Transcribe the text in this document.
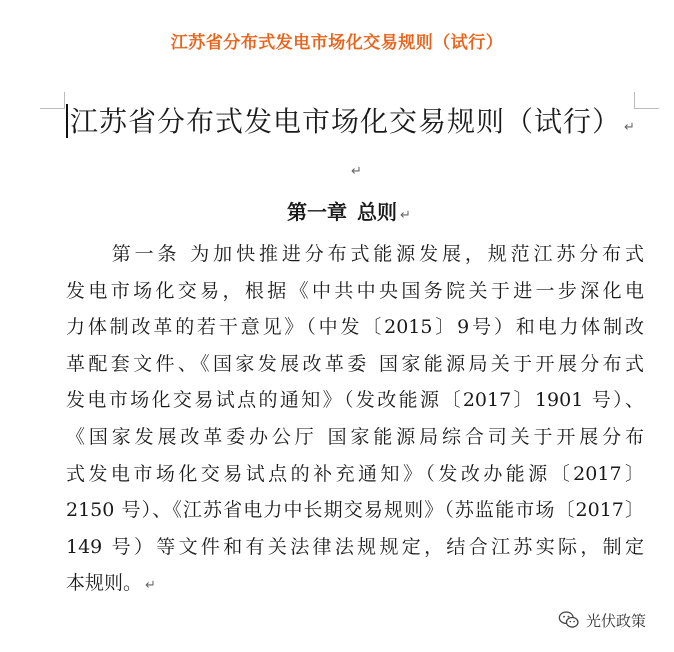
江苏省分布式发电市场化交易规则（试行）
江苏省分布式发电市场化交易规则（试行） ↵
↵
第一章 总则 ↵
　　第一条 为加快推进分布式能源发展，规范江苏分布式
发电市场化交易，根据《中共中央国务院关于进一步深化电
力体制改革的若干意见》（中发〔2015〕9号）和电力体制改
革配套文件、《国家发展改革委 国家能源局关于开展分布式
发电市场化交易试点的通知》（发改能源〔2017〕1901 号）、
《国家发展改革委办公厅 国家能源局综合司关于开展分布
式发电市场化交易试点的补充通知》（发改办能源〔2017〕
2150 号）、《江苏省电力中长期交易规则》（苏监能市场〔2017〕
149 号）等文件和有关法律法规规定，结合江苏实际，制定
本规则。 ↵
光伏政策
